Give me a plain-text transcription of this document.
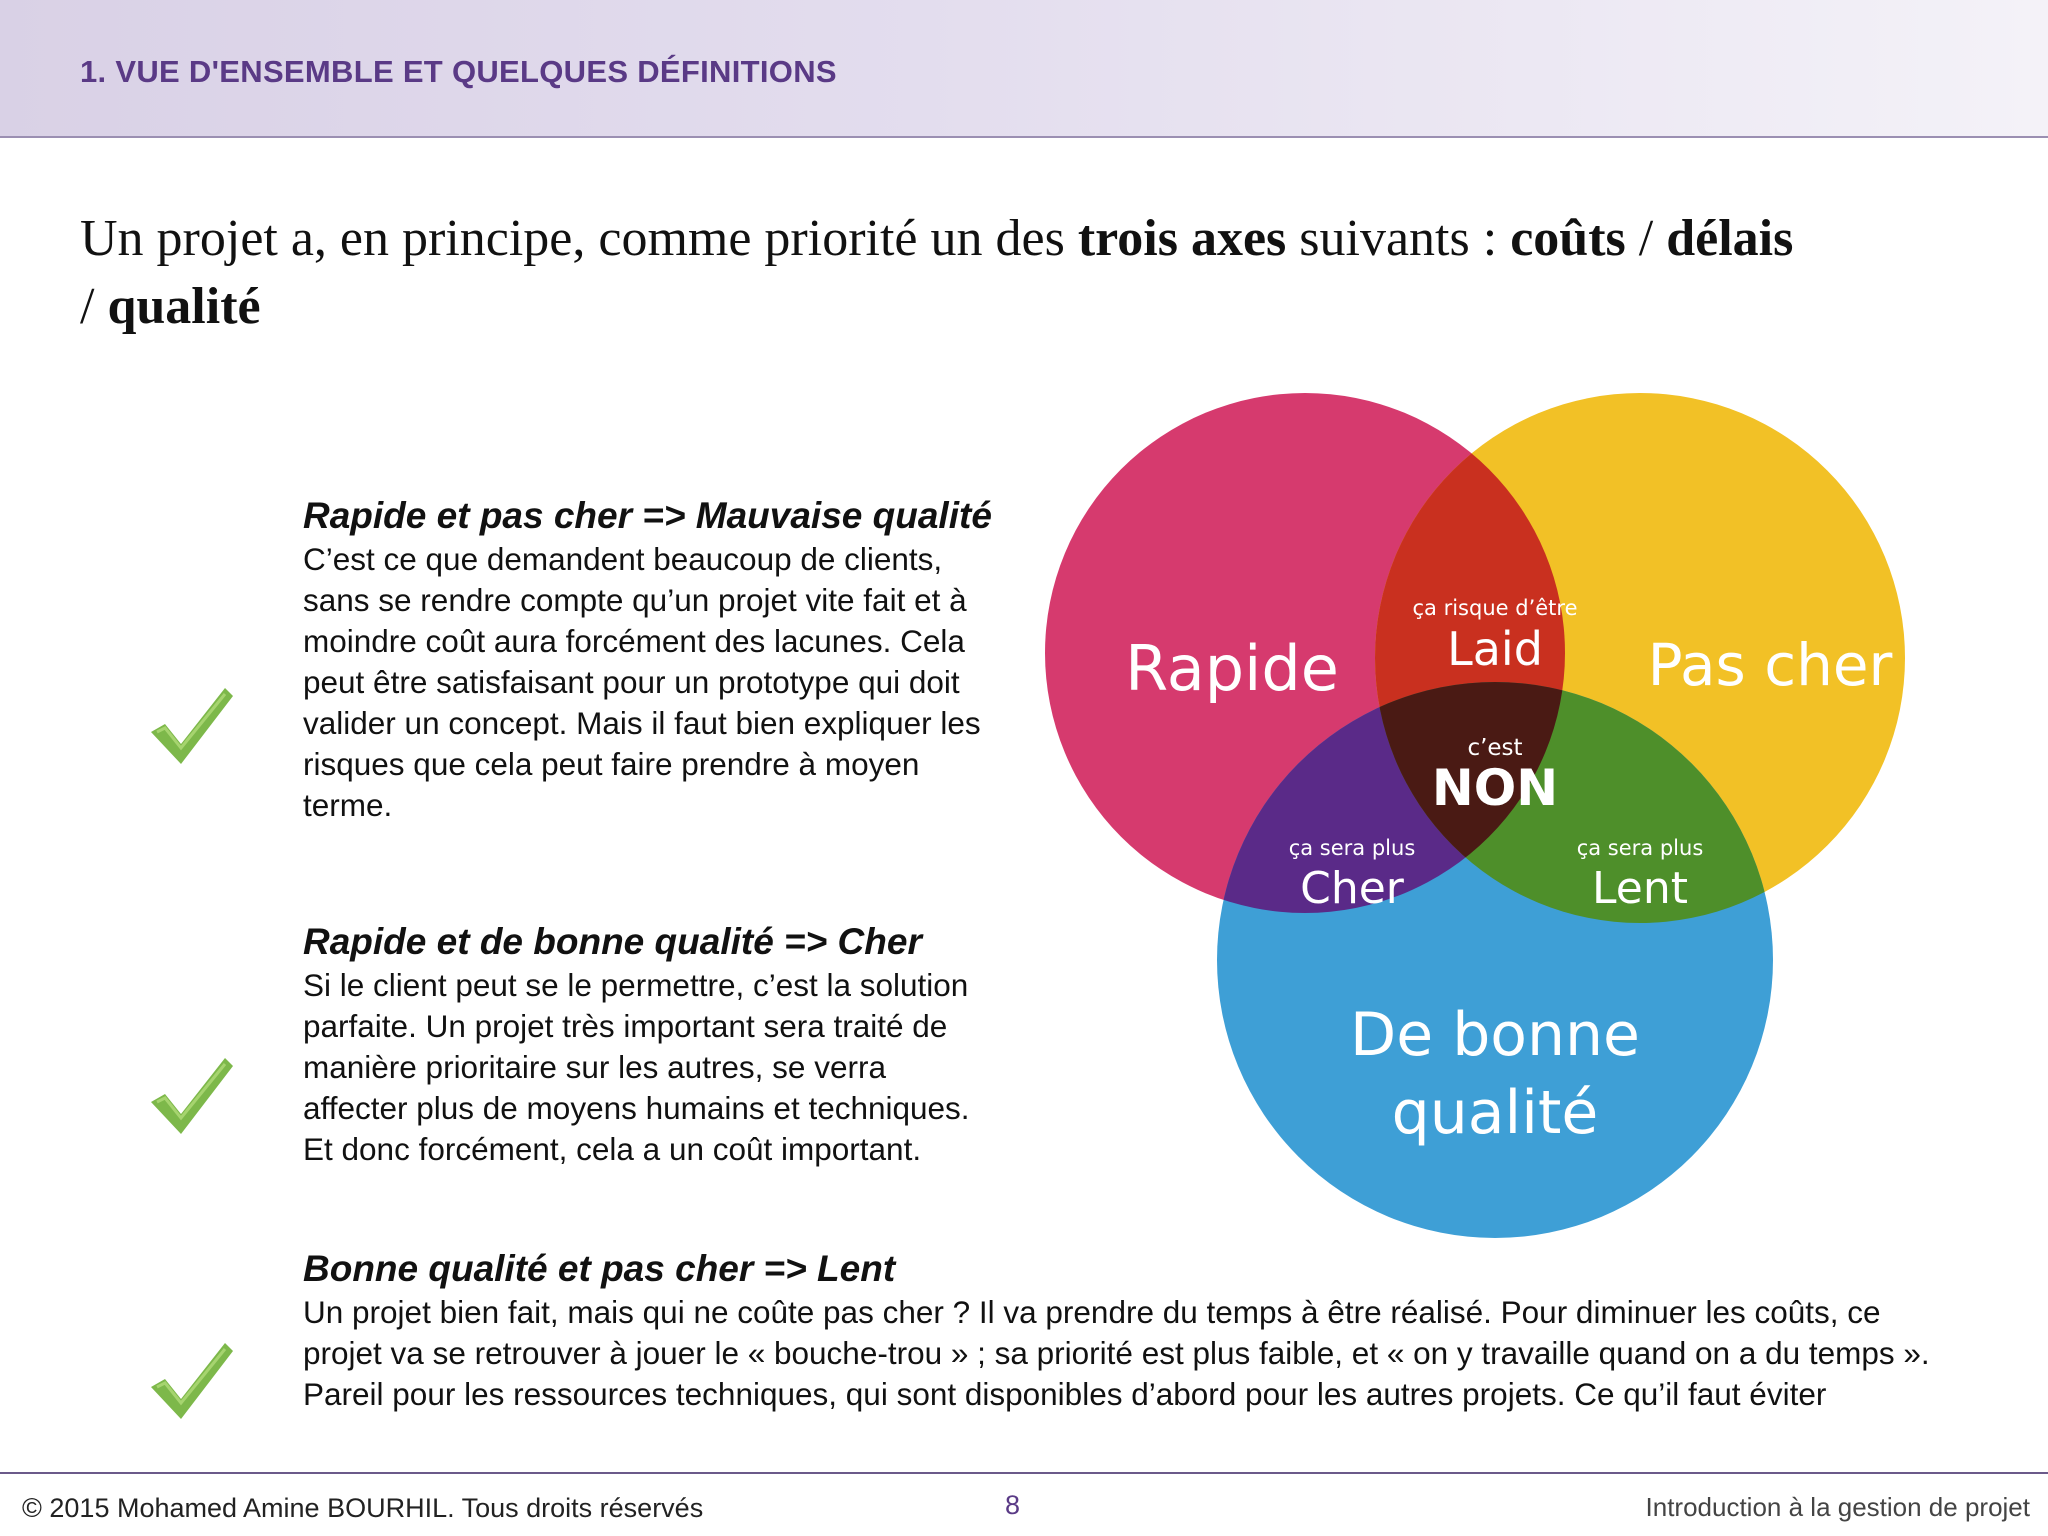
1. VUE D'ENSEMBLE ET QUELQUES DÉFINITIONS
Un projet a, en principe, comme priorité un des trois axes suivants : coûts / délais
/ qualité
Rapide et pas cher => Mauvaise qualité
C’est ce que demandent beaucoup de clients, sans se rendre compte qu’un projet vite fait et à moindre coût aura forcément des lacunes. Cela peut être satisfaisant pour un prototype qui doit valider un concept. Mais il faut bien expliquer les risques que cela peut faire prendre à moyen terme.
Rapide et de bonne qualité => Cher
Si le client peut se le permettre, c’est la solution parfaite. Un projet très important sera traité de manière prioritaire sur les autres, se verra affecter plus de moyens humains et techniques. Et donc forcément, cela a un coût important.
Bonne qualité et pas cher => Lent
Un projet bien fait, mais qui ne coûte pas cher ? Il va prendre du temps à être réalisé. Pour diminuer les coûts, ce projet va se retrouver à jouer le « bouche-trou » ; sa priorité est plus faible, et « on y travaille quand on a du temps ». Pareil pour les ressources techniques, qui sont disponibles d’abord pour les autres projets. Ce qu’il faut éviter
Rapide	Pas cher
De bonne
qualité
ça risque d’être
Laid
c’est
NON
ça sera plus
Cher
ça sera plus
Lent
© 2015 Mohamed Amine BOURHIL. Tous droits réservés	8	Introduction à la gestion de projet
